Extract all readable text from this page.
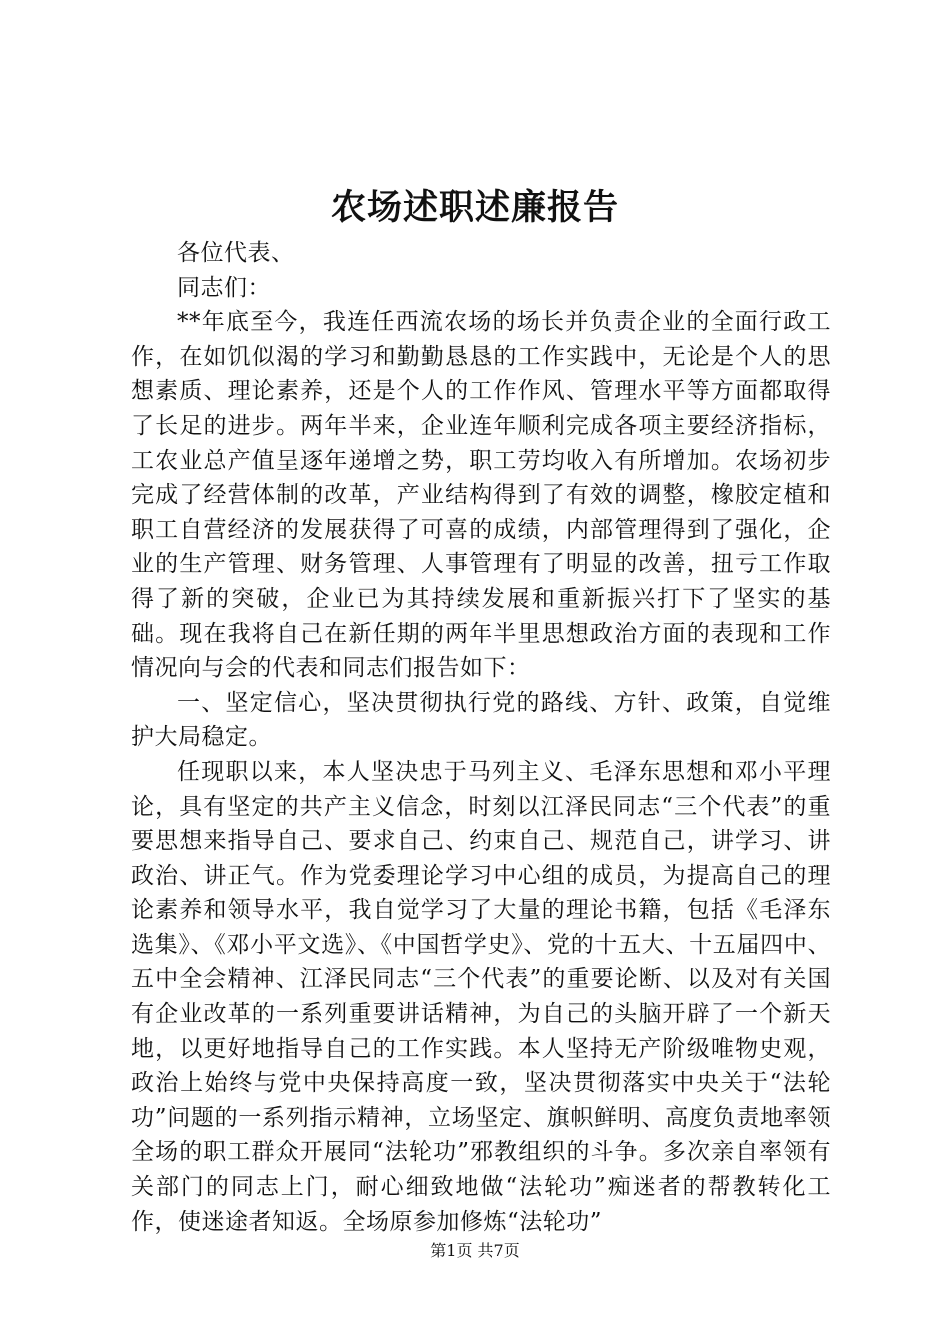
农场述职述廉报告

各位代表、

同志们：

**年底至今，我连任西流农场的场长并负责企业的全面行政工作，在如饥似渴的学习和勤勤恳恳的工作实践中，无论是个人的思想素质、理论素养，还是个人的工作作风、管理水平等方面都取得了长足的进步。两年半来，企业连年顺利完成各项主要经济指标，工农业总产值呈逐年递增之势，职工劳均收入有所增加。农场初步完成了经营体制的改革，产业结构得到了有效的调整，橡胶定植和职工自营经济的发展获得了可喜的成绩，内部管理得到了强化，企业的生产管理、财务管理、人事管理有了明显的改善，扭亏工作取得了新的突破，企业已为其持续发展和重新振兴打下了坚实的基础。现在我将自己在新任期的两年半里思想政治方面的表现和工作情况向与会的代表和同志们报告如下：

一、坚定信心，坚决贯彻执行党的路线、方针、政策，自觉维护大局稳定。

任现职以来，本人坚决忠于马列主义、毛泽东思想和邓小平理论，具有坚定的共产主义信念，时刻以江泽民同志“三个代表”的重要思想来指导自己、要求自己、约束自己、规范自己，讲学习、讲政治、讲正气。作为党委理论学习中心组的成员，为提高自己的理论素养和领导水平，我自觉学习了大量的理论书籍，包括《毛泽东选集》、《邓小平文选》、《中国哲学史》、党的十五大、十五届四中、五中全会精神、江泽民同志“三个代表”的重要论断、以及对有关国有企业改革的一系列重要讲话精神，为自己的头脑开辟了一个新天地，以更好地指导自己的工作实践。本人坚持无产阶级唯物史观，政治上始终与党中央保持高度一致，坚决贯彻落实中央关于“法轮功”问题的一系列指示精神，立场坚定、旗帜鲜明、高度负责地率领全场的职工群众开展同“法轮功”邪教组织的斗争。多次亲自率领有关部门的同志上门，耐心细致地做“法轮功”痴迷者的帮教转化工作，使迷途者知返。全场原参加修炼“法轮功”

第1页 共7页
